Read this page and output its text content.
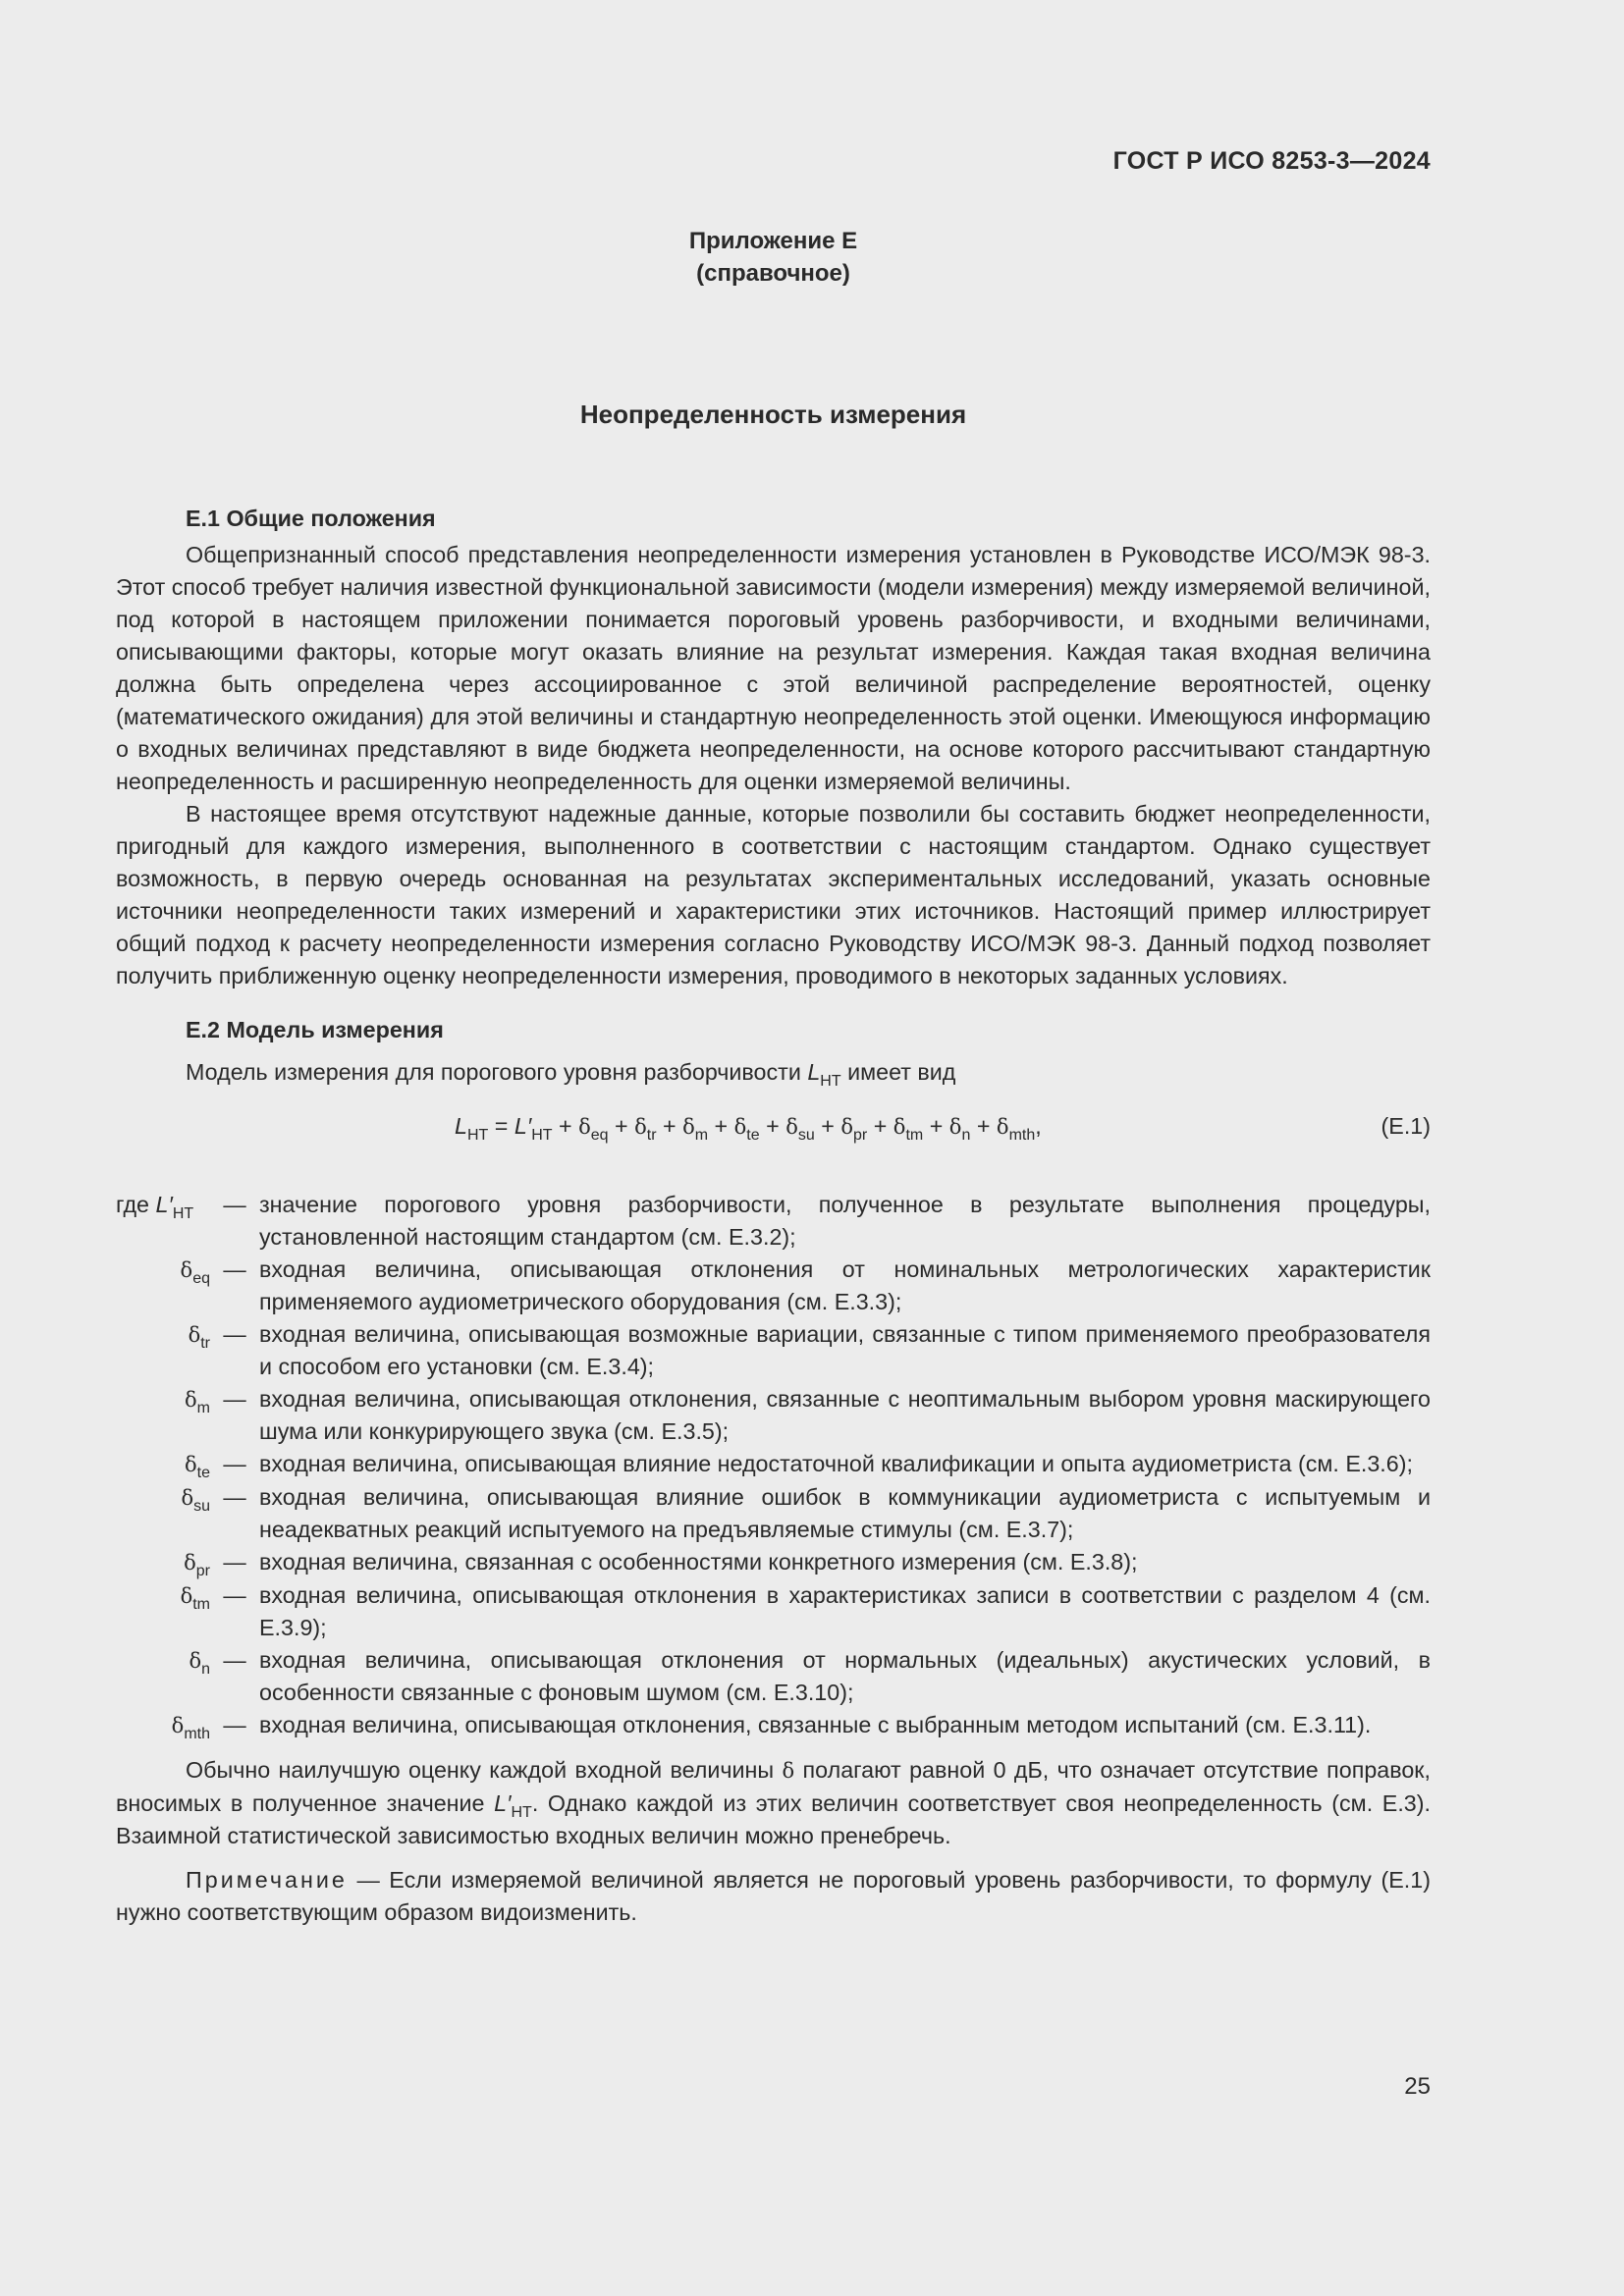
ГОСТ Р ИСО 8253-3—2024
Приложение Е
(справочное)
Неопределенность измерения
Е.1 Общие положения

Общепризнанный способ представления неопределенности измерения установлен в Руководстве ИСО/МЭК 98-3. Этот способ требует наличия известной функциональной зависимости (модели измерения) между измеряемой величиной, под которой в настоящем приложении понимается пороговый уровень разборчивости, и входными величинами, описывающими факторы, которые могут оказать влияние на результат измерения. Каждая такая входная величина должна быть определена через ассоциированное с этой величиной распределение вероятностей, оценку (математического ожидания) для этой величины и стандартную неопределенность этой оценки. Имеющуюся информацию о входных величинах представляют в виде бюджета неопределенности, на основе которого рассчитывают стандартную неопределенность и расширенную неопределенность для оценки измеряемой величины.

В настоящее время отсутствуют надежные данные, которые позволили бы составить бюджет неопределенности, пригодный для каждого измерения, выполненного в соответствии с настоящим стандартом. Однако существует возможность, в первую очередь основанная на результатах экспериментальных исследований, указать основные источники неопределенности таких измерений и характеристики этих источников. Настоящий пример иллюстрирует общий подход к расчету неопределенности измерения согласно Руководству ИСО/МЭК 98-3. Данный подход позволяет получить приближенную оценку неопределенности измерения, проводимого в некоторых заданных условиях.

Е.2 Модель измерения

Модель измерения для порогового уровня разборчивости $L_{HT}$ имеет вид

$L_{HT} = L'_{HT} + \delta_{eq} + \delta_{tr} + \delta_m + \delta_{te} + \delta_{su} + \delta_{pr} + \delta_{tm} + \delta_n + \delta_{mth}$,	(Е.1)
где $L'_{HT}$	— значение порогового уровня разборчивости, полученное в результате выполнения процедуры, установленной настоящим стандартом (см. Е.3.2);
$\delta_{eq}$ — входная величина, описывающая отклонения от номинальных метрологических характеристик применяемого аудиометрического оборудования (см. Е.3.3);
$\delta_{tr}$ — входная величина, описывающая возможные вариации, связанные с типом применяемого преобразователя и способом его установки (см. Е.3.4);
$\delta_m$ — входная величина, описывающая отклонения, связанные с неоптимальным выбором уровня маскирующего шума или конкурирующего звука (см. Е.3.5);
$\delta_{te}$ — входная величина, описывающая влияние недостаточной квалификации и опыта аудиометриста (см. Е.3.6);
$\delta_{su}$ — входная величина, описывающая влияние ошибок в коммуникации аудиометриста с испытуемым и неадекватных реакций испытуемого на предъявляемые стимулы (см. Е.3.7);
$\delta_{pr}$ — входная величина, связанная с особенностями конкретного измерения (см. Е.3.8);
$\delta_{tm}$ — входная величина, описывающая отклонения в характеристиках записи в соответствии с разделом 4 (см. Е.3.9);
$\delta_n$ — входная величина, описывающая отклонения от нормальных (идеальных) акустических условий, в особенности связанные с фоновым шумом (см. Е.3.10);
$\delta_{mth}$ — входная величина, описывающая отклонения, связанные с выбранным методом испытаний (см. Е.3.11).

Обычно наилучшую оценку каждой входной величины δ полагают равной 0 дБ, что означает отсутствие поправок, вносимых в полученное значение $L'_{HT}$. Однако каждой из этих величин соответствует своя неопределенность (см. Е.3). Взаимной статистической зависимостью входных величин можно пренебречь.

Примечание — Если измеряемой величиной является не пороговый уровень разборчивости, то формулу (Е.1) нужно соответствующим образом видоизменить.

25
